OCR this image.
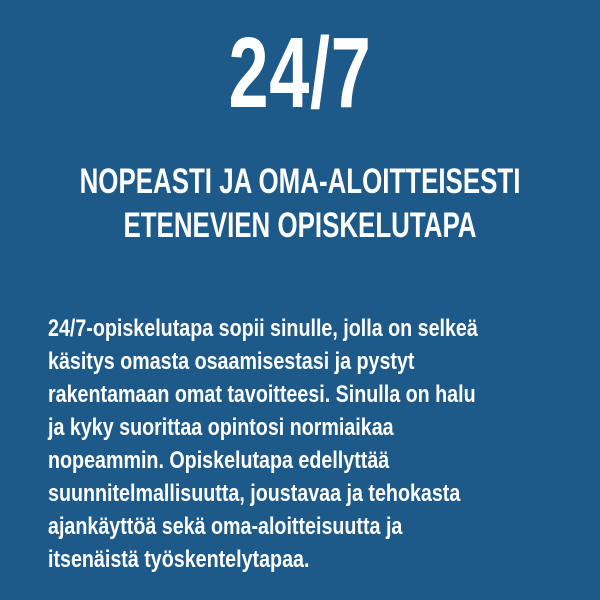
24/7
NOPEASTI JA OMA-ALOITTEISESTI
ETENEVIEN OPISKELUTAPA
24/7-opiskelutapa sopii sinulle, jolla on selkeä
käsitys omasta osaamisestasi ja pystyt
rakentamaan omat tavoitteesi. Sinulla on halu
ja kyky suorittaa opintosi normiaikaa
nopeammin. Opiskelutapa edellyttää
suunnitelmallisuutta, joustavaa ja tehokasta
ajankäyttöä sekä oma-aloitteisuutta ja
itsenäistä työskentelytapaa.
